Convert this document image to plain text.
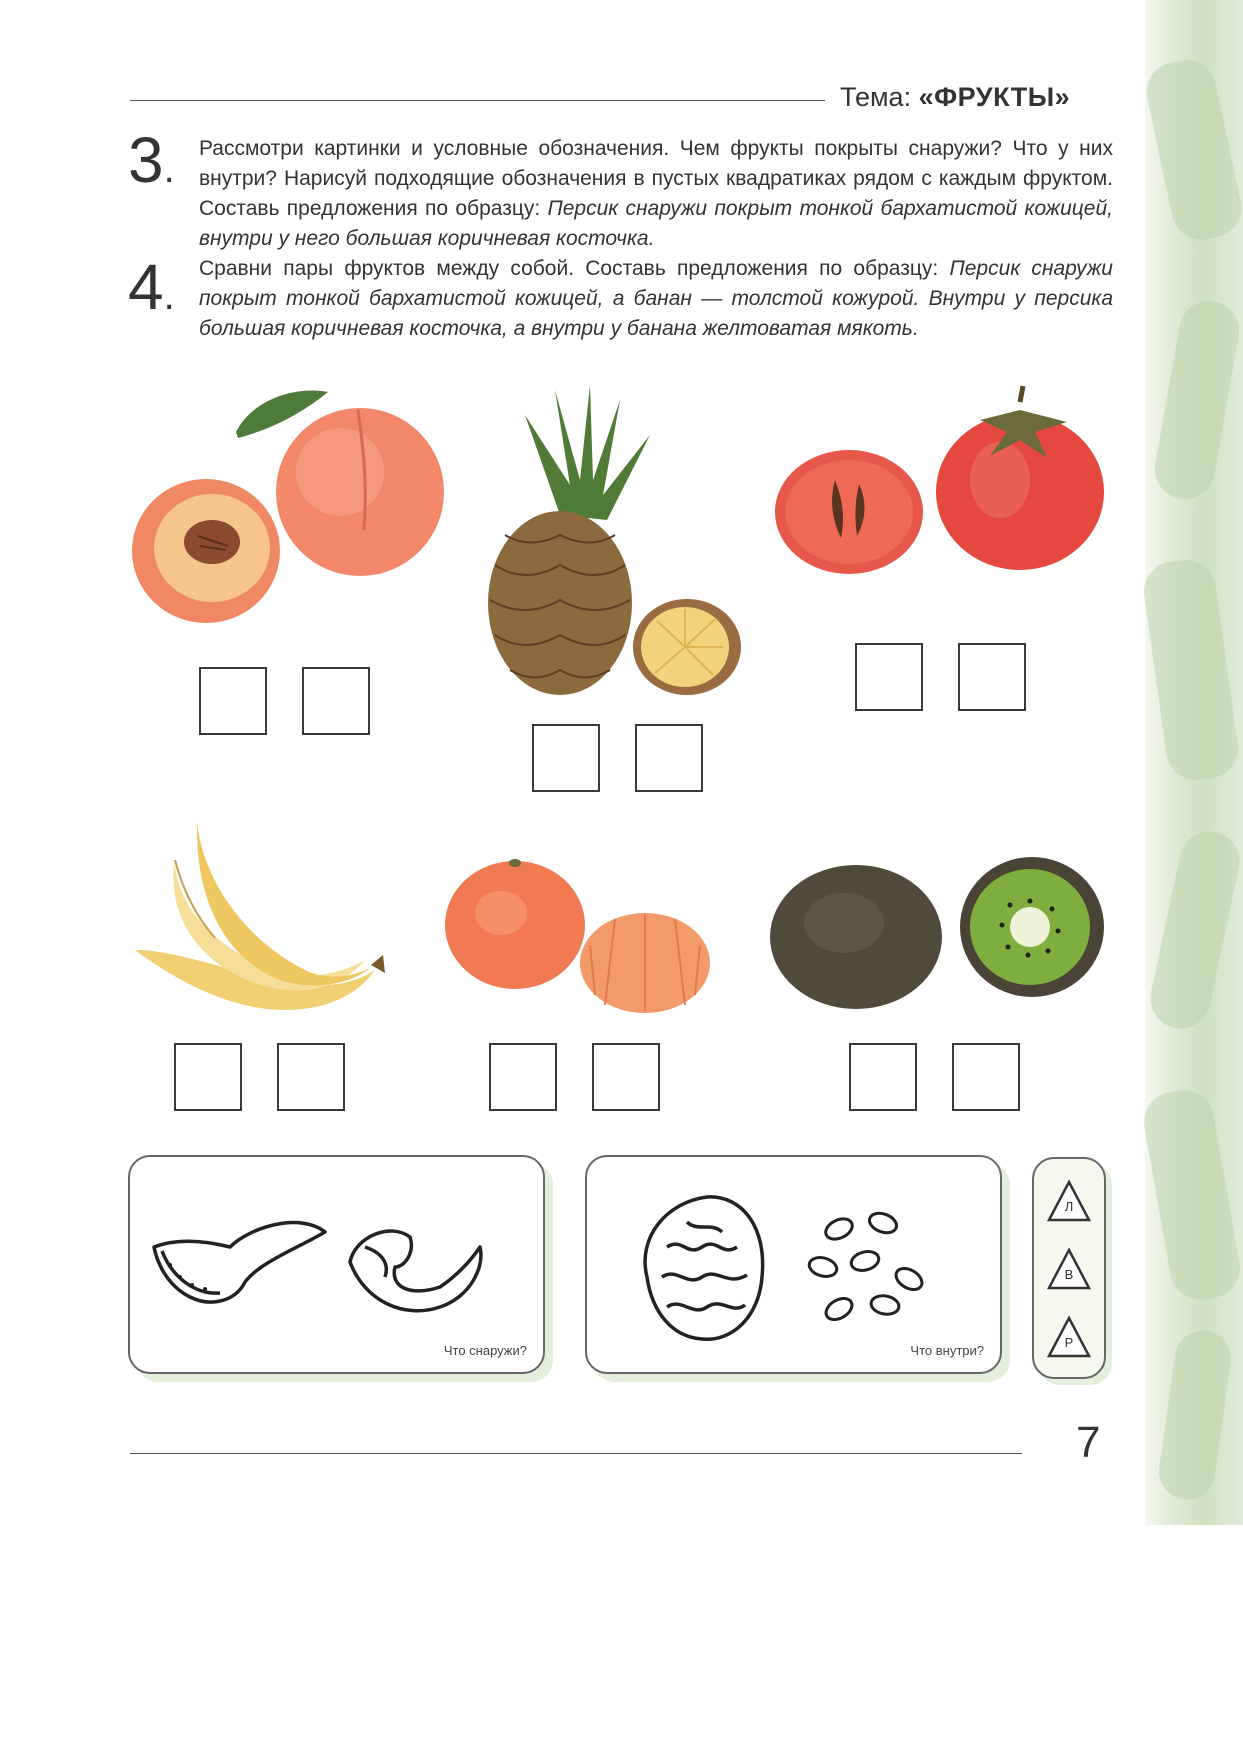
Тема: «ФРУКТЫ»
3. Рассмотри картинки и условные обозначения. Чем фрукты покрыты снаружи? Что у них внутри? Нарисуй подходящие обозначения в пустых квадратиках рядом с каждым фруктом. Составь предложения по образцу: Персик снаружи покрыт тонкой бархатистой кожицей, внутри у него большая коричневая косточка.
4.
Сравни пары фруктов между собой. Составь предложения по образцу: Персик снаружи покрыт тонкой бархатистой кожицей, а банан — толстой кожурой. Внутри у персика большая коричневая косточка, а внутри у банана желтоватая мякоть.
Что снаружи?	Что внутри?
Л
В
Р
7
